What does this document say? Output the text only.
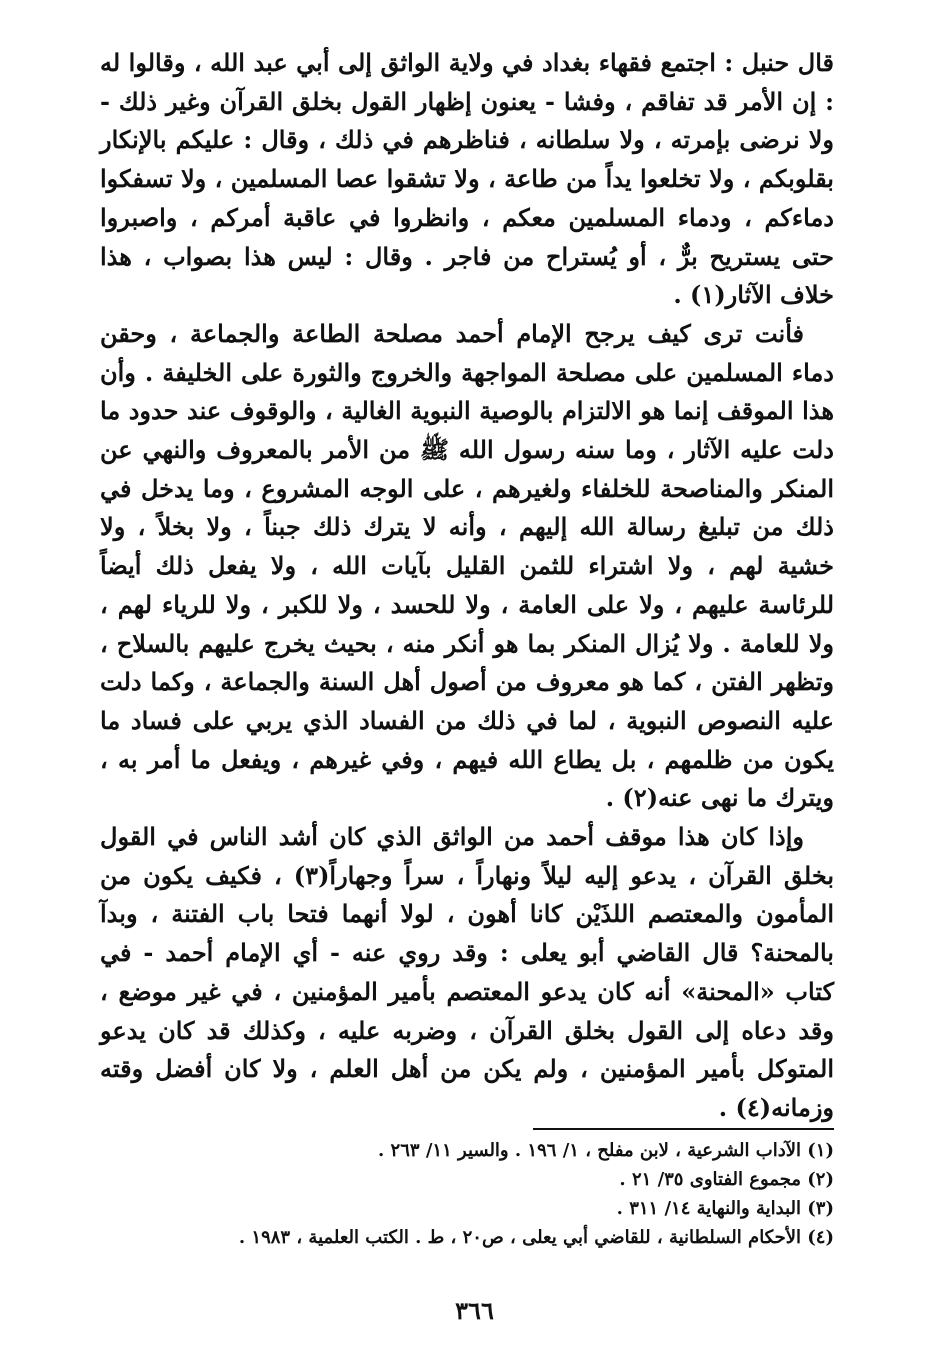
قال حنبل : اجتمع فقهاء بغداد في ولاية الواثق إلى أبي عبد الله ، وقالوا له : إن الأمر قد تفاقم ، وفشا - يعنون إظهار القول بخلق القرآن وغير ذلك - ولا نرضى بإمرته ، ولا سلطانه ، فناظرهم في ذلك ، وقال : عليكم بالإنكار بقلوبكم ، ولا تخلعوا يداً من طاعة ، ولا تشقوا عصا المسلمين ، ولا تسفكوا دماءكم ، ودماء المسلمين معكم ، وانظروا في عاقبة أمركم ، واصبروا حتى يستريح برٌّ ، أو يُستراح من فاجر . وقال : ليس هذا بصواب ، هذا خلاف الآثار(١) .

فأنت ترى كيف يرجح الإمام أحمد مصلحة الطاعة والجماعة ، وحقن دماء المسلمين على مصلحة المواجهة والخروج والثورة على الخليفة . وأن هذا الموقف إنما هو الالتزام بالوصية النبوية الغالية ، والوقوف عند حدود ما دلت عليه الآثار ، وما سنه رسول الله ﷺ من الأمر بالمعروف والنهي عن المنكر والمناصحة للخلفاء ولغيرهم ، على الوجه المشروع ، وما يدخل في ذلك من تبليغ رسالة الله إليهم ، وأنه لا يترك ذلك جبناً ، ولا بخلاً ، ولا خشية لهم ، ولا اشتراء للثمن القليل بآيات الله ، ولا يفعل ذلك أيضاً للرئاسة عليهم ، ولا على العامة ، ولا للحسد ، ولا للكبر ، ولا للرياء لهم ، ولا للعامة . ولا يُزال المنكر بما هو أنكر منه ، بحيث يخرج عليهم بالسلاح ، وتظهر الفتن ، كما هو معروف من أصول أهل السنة والجماعة ، وكما دلت عليه النصوص النبوية ، لما في ذلك من الفساد الذي يربي على فساد ما يكون من ظلمهم ، بل يطاع الله فيهم ، وفي غيرهم ، ويفعل ما أمر به ، ويترك ما نهى عنه(٢) .

وإذا كان هذا موقف أحمد من الواثق الذي كان أشد الناس في القول بخلق القرآن ، يدعو إليه ليلاً ونهاراً ، سراً وجهاراً(٣) ، فكيف يكون من المأمون والمعتصم اللذَيْن كانا أهون ، لولا أنهما فتحا باب الفتنة ، وبدآ بالمحنة؟ قال القاضي أبو يعلى : وقد روي عنه - أي الإمام أحمد - في كتاب «المحنة» أنه كان يدعو المعتصم بأمير المؤمنين ، في غير موضع ، وقد دعاه إلى القول بخلق القرآن ، وضربه عليه ، وكذلك قد كان يدعو المتوكل بأمير المؤمنين ، ولم يكن من أهل العلم ، ولا كان أفضل وقته وزمانه(٤) .

(١) الآداب الشرعية ، لابن مفلح ، ١/ ١٩٦ . والسير ١١/ ٢٦٣ .

(٢) مجموع الفتاوى ٣٥/ ٢١ .

(٣) البداية والنهاية ١٤/ ٣١١ .

(٤) الأحكام السلطانية ، للقاضي أبي يعلى ، ص٢٠ ، ط . الكتب العلمية ، ١٩٨٣ .

٣٦٦
